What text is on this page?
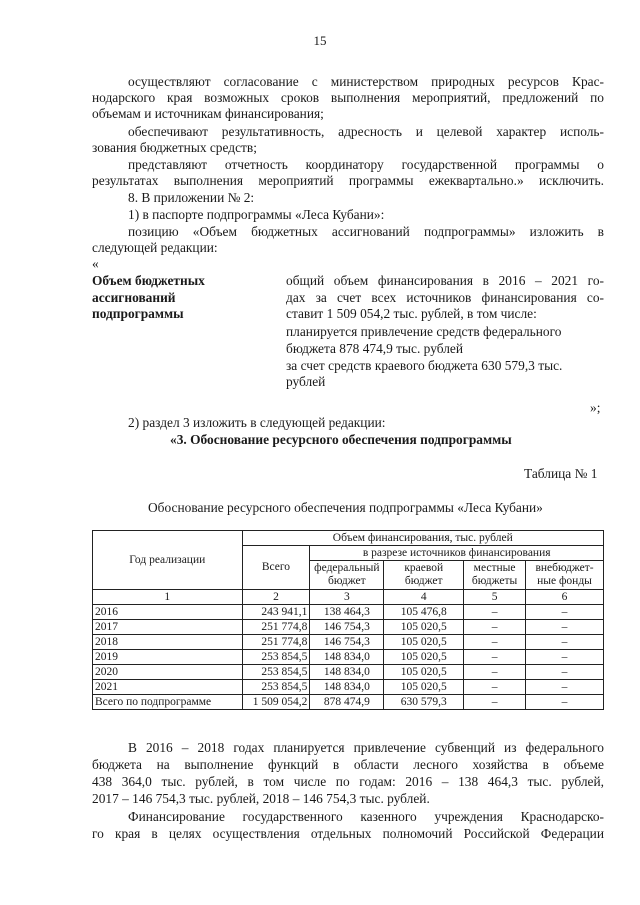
15
осуществляют согласование с министерством природных ресурсов Крас-
нодарского края возможных сроков выполнения мероприятий, предложений по
объемам и источникам финансирования;
обеспечивают результативность, адресность и целевой характер исполь-
зования бюджетных средств;
представляют отчетность координатору государственной программы о
результатах выполнения мероприятий программы ежеквартально.» исключить.
8. В приложении № 2:
1) в паспорте подпрограммы «Леса Кубани»:
позицию «Объем бюджетных ассигнований подпрограммы» изложить в
следующей редакции:
«
Объем бюджетных
ассигнований
подпрограммы
общий объем финансирования в 2016 – 2021 го-
дах за счет всех источников финансирования со-
ставит 1 509 054,2 тыс. рублей, в том числе:
планируется привлечение средств федерального
бюджета 878 474,9 тыс. рублей
за счет средств краевого бюджета 630 579,3 тыс.
рублей
»;
2) раздел 3 изложить в следующей редакции:
«3. Обоснование ресурсного обеспечения подпрограммы
Таблица № 1
Обоснование ресурсного обеспечения подпрограммы «Леса Кубани»
Год реализации	Объем финансирования, тыс. рублей				
	Всего	в разрезе источников финансирования			
		федеральный бюджет	краевой бюджет	местные бюджеты	внебюджет-ные фонды
1	2	3	4	5	6
2016	243 941,1	138 464,3	105 476,8	–	–
2017	251 774,8	146 754,3	105 020,5	–	–
2018	251 774,8	146 754,3	105 020,5	–	–
2019	253 854,5	148 834,0	105 020,5	–	–
2020	253 854,5	148 834,0	105 020,5	–	–
2021	253 854,5	148 834,0	105 020,5	–	–
Всего по подпрограмме	1 509 054,2	878 474,9	630 579,3	–	–
В 2016 – 2018 годах планируется привлечение субвенций из федерального
бюджета на выполнение функций в области лесного хозяйства в объеме
438 364,0 тыс. рублей, в том числе по годам: 2016 – 138 464,3 тыс. рублей,
2017 – 146 754,3 тыс. рублей, 2018 – 146 754,3 тыс. рублей.
Финансирование государственного казенного учреждения Краснодарско-
го края в целях осуществления отдельных полномочий Российской Федерации
